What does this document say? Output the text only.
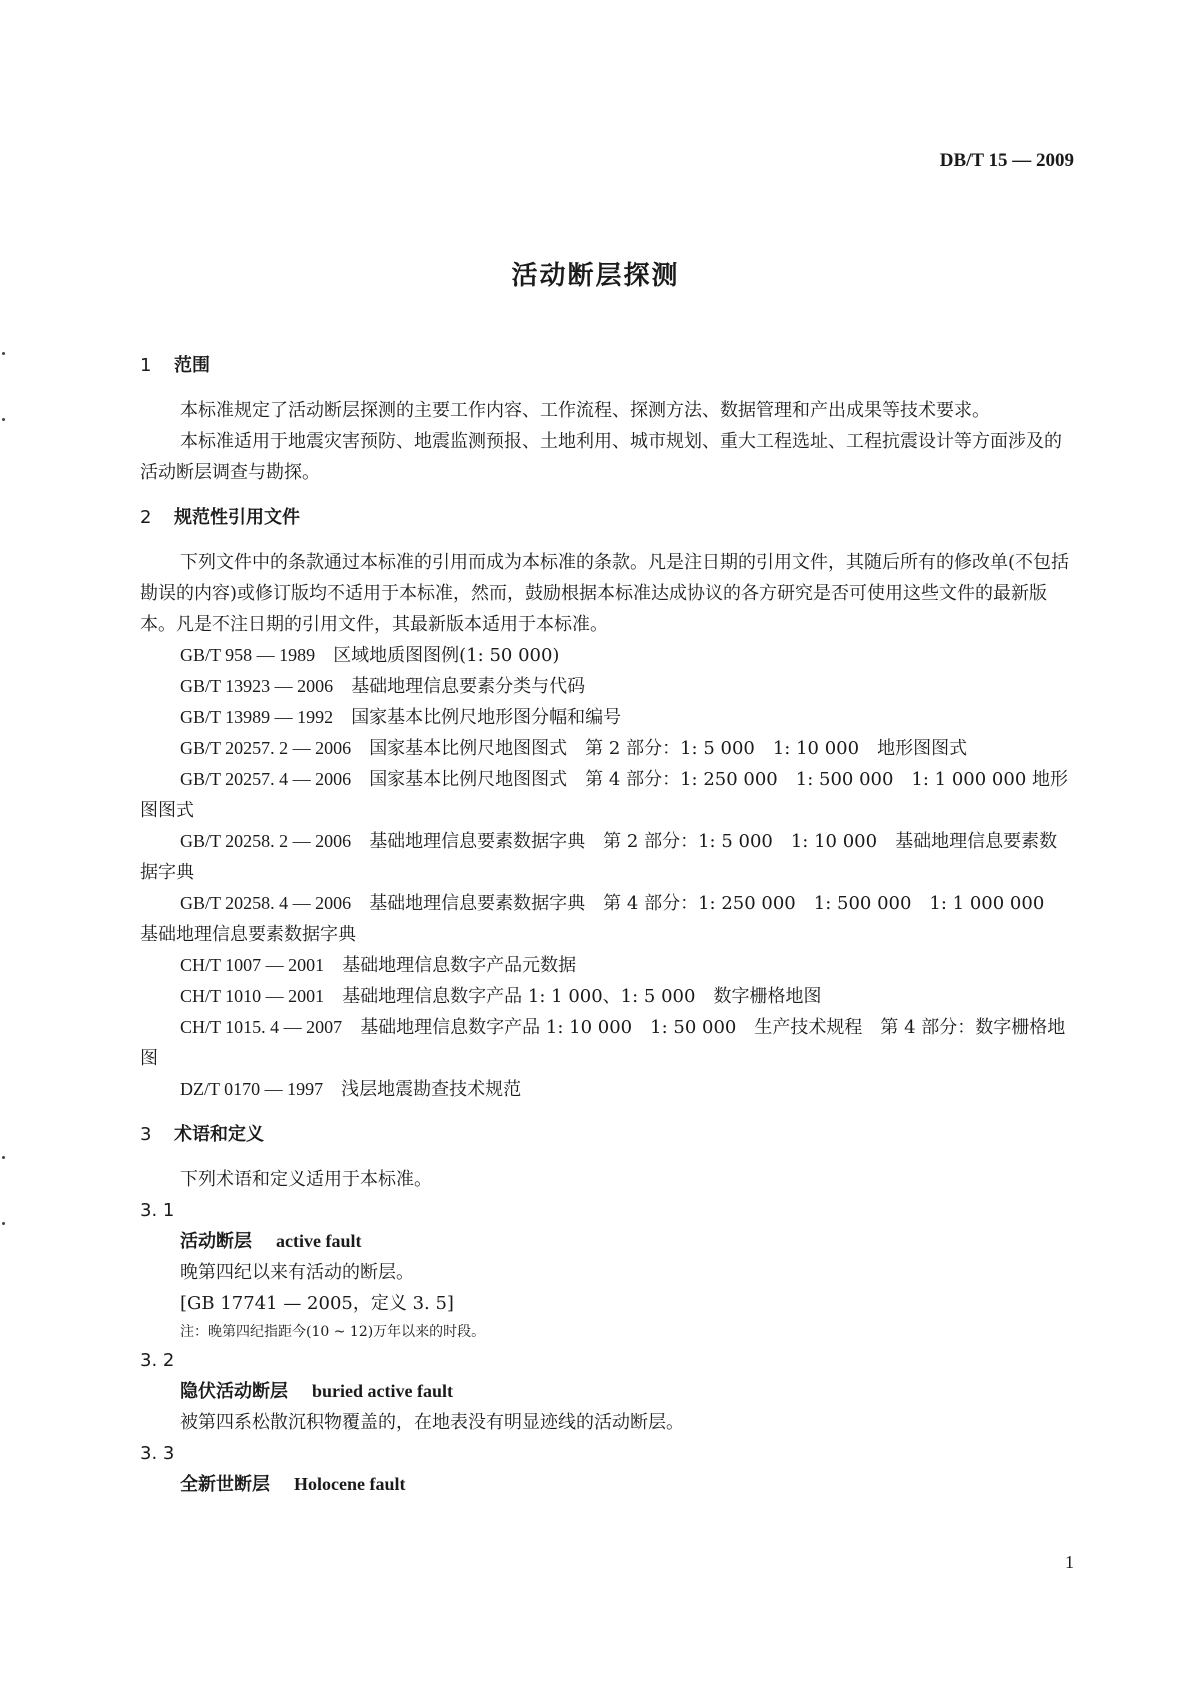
DB/T 15 — 2009
活动断层探测
1 范围

本标准规定了活动断层探测的主要工作内容、工作流程、探测方法、数据管理和产出成果等技术要求。

本标准适用于地震灾害预防、地震监测预报、土地利用、城市规划、重大工程选址、工程抗震设计等方面涉及的活动断层调查与勘探。

2 规范性引用文件

下列文件中的条款通过本标准的引用而成为本标准的条款。凡是注日期的引用文件，其随后所有的修改单(不包括勘误的内容)或修订版均不适用于本标准，然而，鼓励根据本标准达成协议的各方研究是否可使用这些文件的最新版本。凡是不注日期的引用文件，其最新版本适用于本标准。

GB/T 958 — 1989　 区域地质图图例(1: 50 000)

GB/T 13923 — 2006　 基础地理信息要素分类与代码

GB/T 13989 — 1992　 国家基本比例尺地形图分幅和编号

GB/T 20257. 2 — 2006　 国家基本比例尺地图图式　第 2 部分：1: 5 000　1: 10 000　地形图图式

GB/T 20257. 4 — 2006　 国家基本比例尺地图图式　第 4 部分：1: 250 000　1: 500 000　1: 1 000 000 地形图图式

GB/T 20258. 2 — 2006　 基础地理信息要素数据字典　第 2 部分：1: 5 000　1: 10 000　基础地理信息要素数据字典

GB/T 20258. 4 — 2006　 基础地理信息要素数据字典　第 4 部分：1: 250 000　1: 500 000　1: 1 000 000　基础地理信息要素数据字典

CH/T 1007 — 2001　 基础地理信息数字产品元数据

CH/T 1010 — 2001　 基础地理信息数字产品 1: 1 000、1: 5 000　数字栅格地图

CH/T 1015. 4 — 2007　 基础地理信息数字产品 1: 10 000　1: 50 000　生产技术规程　第 4 部分：数字栅格地图

DZ/T 0170 — 1997　 浅层地震勘查技术规范

3 术语和定义

下列术语和定义适用于本标准。

3. 1

活动断层 active fault

晚第四纪以来有活动的断层。

[GB 17741 — 2005，定义 3. 5]

注：晚第四纪指距今(10 ~ 12)万年以来的时段。

3. 2

隐伏活动断层 buried active fault

被第四系松散沉积物覆盖的，在地表没有明显迹线的活动断层。

3. 3

全新世断层 Holocene fault

1
